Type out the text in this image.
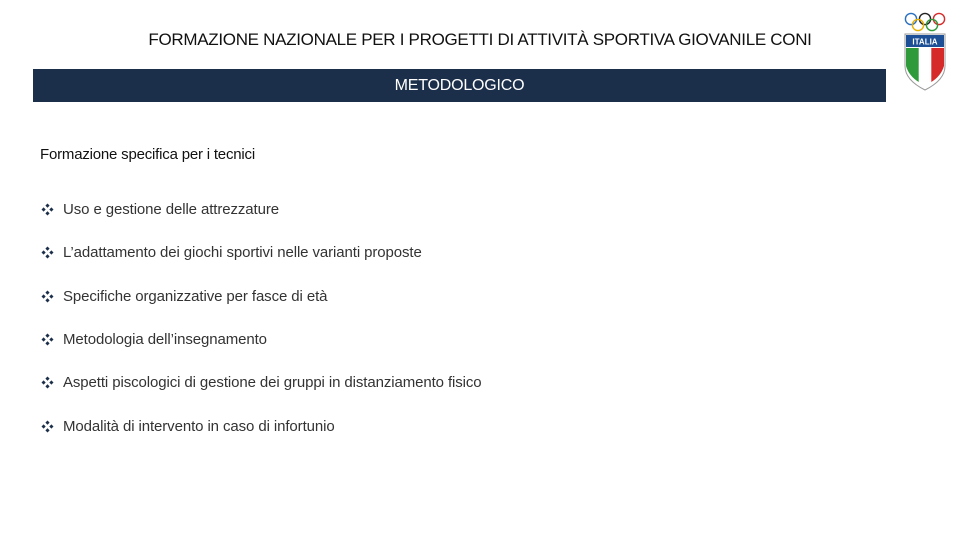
FORMAZIONE NAZIONALE PER I PROGETTI DI ATTIVITÀ SPORTIVA GIOVANILE CONI
METODOLOGICO
ITALIA
Formazione specifica per i tecnici
Uso e gestione delle attrezzature
L’adattamento dei giochi sportivi nelle varianti proposte
Specifiche organizzative per fasce di età
Metodologia dell’insegnamento
Aspetti piscologici di gestione dei gruppi in distanziamento fisico
Modalità di intervento in caso di infortunio
